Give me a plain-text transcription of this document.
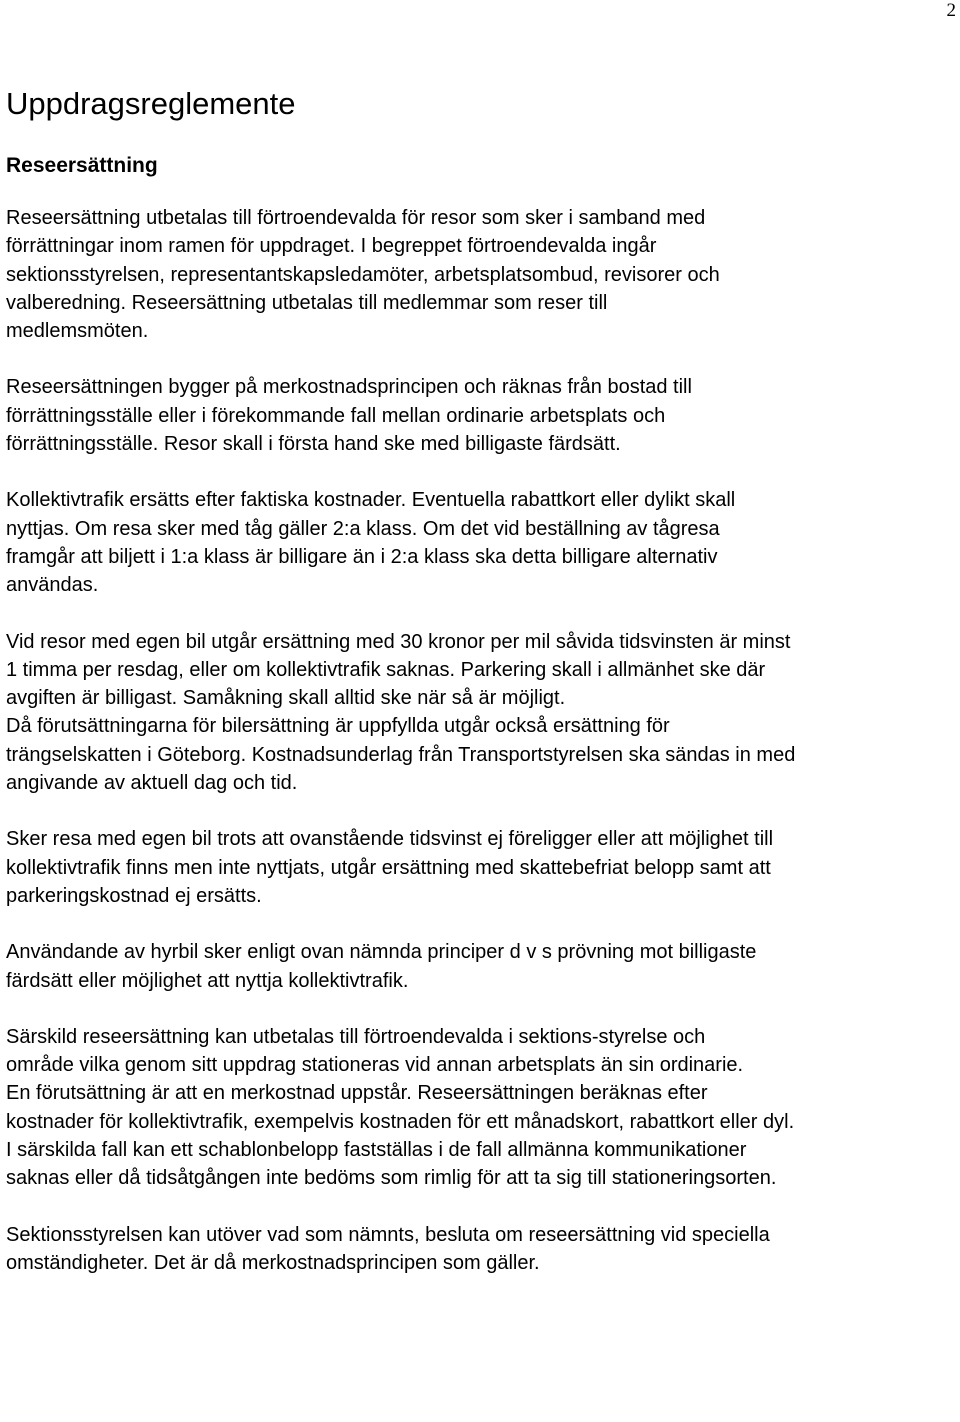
2
Uppdragsreglemente
Reseersättning

Reseersättning utbetalas till förtroendevalda för resor som sker i samband med förrättningar inom ramen för uppdraget. I begreppet förtroendevalda ingår sektionsstyrelsen, representantskapsledamöter, arbetsplatsombud, revisorer och valberedning. Reseersättning utbetalas till medlemmar som reser till medlemsmöten.

Reseersättningen bygger på merkostnadsprincipen och räknas från bostad till förrättningsställe eller i förekommande fall mellan ordinarie arbetsplats och förrättningsställe. Resor skall i första hand ske med billigaste färdsätt.

Kollektivtrafik ersätts efter faktiska kostnader. Eventuella rabattkort eller dylikt skall nyttjas. Om resa sker med tåg gäller 2:a klass. Om det vid beställning av tågresa framgår att biljett i 1:a klass är billigare än i 2:a klass ska detta billigare alternativ användas.

Vid resor med egen bil utgår ersättning med 30 kronor per mil såvida tidsvinsten är minst 1 timma per resdag, eller om kollektivtrafik saknas. Parkering skall i allmänhet ske där avgiften är billigast. Samåkning skall alltid ske när så är möjligt.

Då förutsättningarna för bilersättning är uppfyllda utgår också ersättning för trängselskatten i Göteborg. Kostnadsunderlag från Transportstyrelsen ska sändas in med angivande av aktuell dag och tid.

Sker resa med egen bil trots att ovanstående tidsvinst ej föreligger eller att möjlighet till kollektivtrafik finns men inte nyttjats, utgår ersättning med skattebefriat belopp samt att parkeringskostnad ej ersätts.

Användande av hyrbil sker enligt ovan nämnda principer d v s prövning mot billigaste färdsätt eller möjlighet att nyttja kollektivtrafik.

Särskild reseersättning kan utbetalas till förtroendevalda i sektions-styrelse och område vilka genom sitt uppdrag stationeras vid annan arbetsplats än sin ordinarie.

En förutsättning är att en merkostnad uppstår. Reseersättningen beräknas efter kostnader för kollektivtrafik, exempelvis kostnaden för ett månadskort, rabattkort eller dyl.

I särskilda fall kan ett schablonbelopp fastställas i de fall allmänna kommunikationer saknas eller då tidsåtgången inte bedöms som rimlig för att ta sig till stationeringsorten.

Sektionsstyrelsen kan utöver vad som nämnts, besluta om reseersättning vid speciella omständigheter. Det är då merkostnadsprincipen som gäller.
